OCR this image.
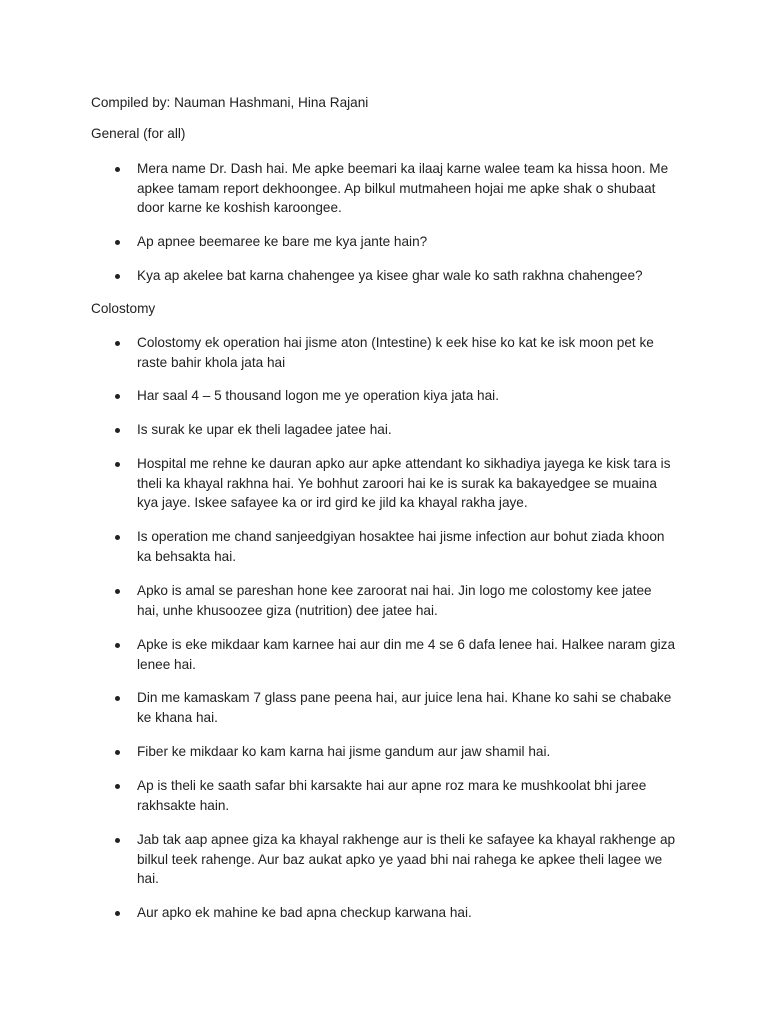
Compiled by: Nauman Hashmani, Hina Rajani

General (for all)

Mera name Dr. Dash hai. Me apke beemari ka ilaaj karne walee team ka hissa hoon. Me
apkee tamam report dekhoongee. Ap bilkul mutmaheen hojai me apke shak o shubaat
door karne ke koshish karoongee.

Ap apnee beemaree ke bare me kya jante hain?

Kya ap akelee bat karna chahengee ya kisee ghar wale ko sath rakhna chahengee?

Colostomy

Colostomy ek operation hai jisme aton (Intestine) k eek hise ko kat ke isk moon pet ke
raste bahir khola jata hai

Har saal 4 – 5 thousand logon me ye operation kiya jata hai.

Is surak ke upar ek theli lagadee jatee hai.

Hospital me rehne ke dauran apko aur apke attendant ko sikhadiya jayega ke kisk tara is
theli ka khayal rakhna hai. Ye bohhut zaroori hai ke is surak ka bakayedgee se muaina
kya jaye. Iskee safayee ka or ird gird ke jild ka khayal rakha jaye.

Is operation me chand sanjeedgiyan hosaktee hai jisme infection aur bohut ziada khoon
ka behsakta hai.

Apko is amal se pareshan hone kee zaroorat nai hai. Jin logo me colostomy kee jatee
hai, unhe khusoozee giza (nutrition) dee jatee hai.

Apke is eke mikdaar kam karnee hai aur din me 4 se 6 dafa lenee hai. Halkee naram giza
lenee hai.

Din me kamaskam 7 glass pane peena hai, aur juice lena hai. Khane ko sahi se chabake
ke khana hai.

Fiber ke mikdaar ko kam karna hai jisme gandum aur jaw shamil hai.

Ap is theli ke saath safar bhi karsakte hai aur apne roz mara ke mushkoolat bhi jaree
rakhsakte hain.

Jab tak aap apnee giza ka khayal rakhenge aur is theli ke safayee ka khayal rakhenge ap
bilkul teek rahenge. Aur baz aukat apko ye yaad bhi nai rahega ke apkee theli lagee we
hai.

Aur apko ek mahine ke bad apna checkup karwana hai.
